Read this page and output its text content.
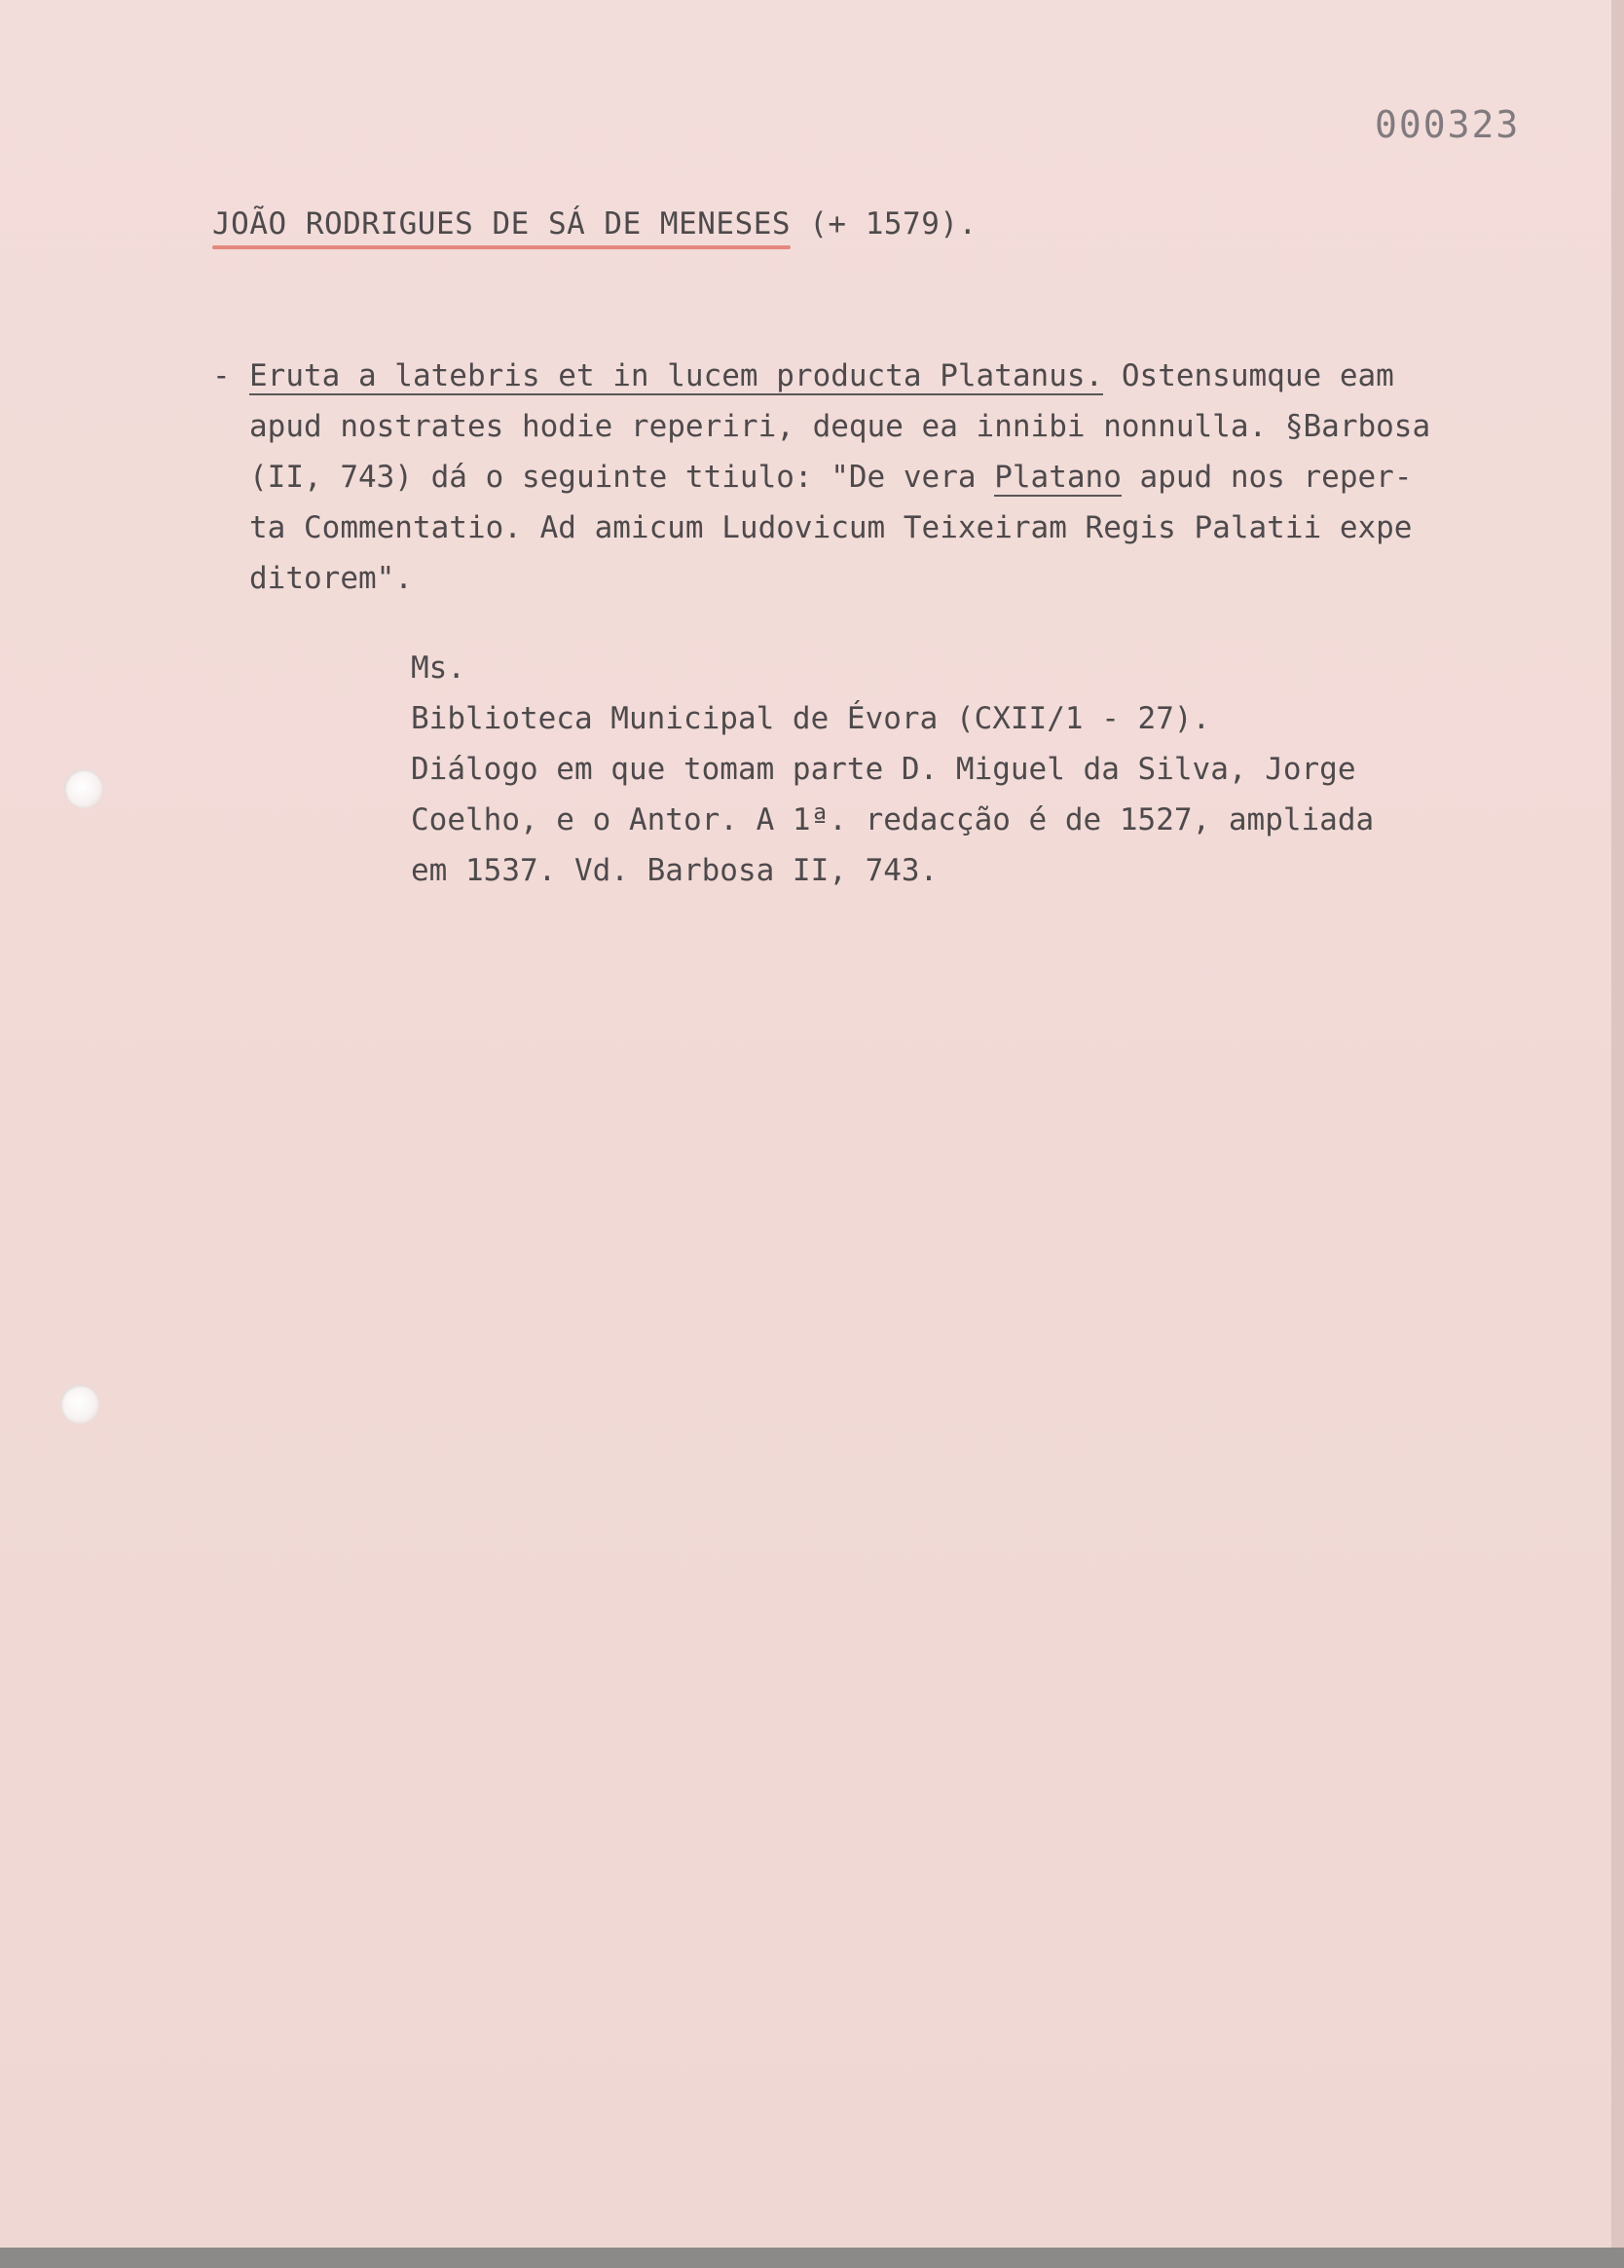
000323
JOÃO RODRIGUES DE SÁ DE MENESES (+ 1579).
- Eruta a latebris et in lucem producta Platanus. Ostensumque eam
apud nostrates hodie reperiri, deque ea innibi nonnulla. §Barbosa
(II, 743) dá o seguinte ttiulo: "De vera Platano apud nos reper-
ta Commentatio. Ad amicum Ludovicum Teixeiram Regis Palatii expe
ditorem".
Ms.
Biblioteca Municipal de Évora (CXII/1 - 27).
Diálogo em que tomam parte D. Miguel da Silva, Jorge
Coelho, e o Antor. A 1ª. redacção é de 1527, ampliada
em 1537. Vd. Barbosa II, 743.
